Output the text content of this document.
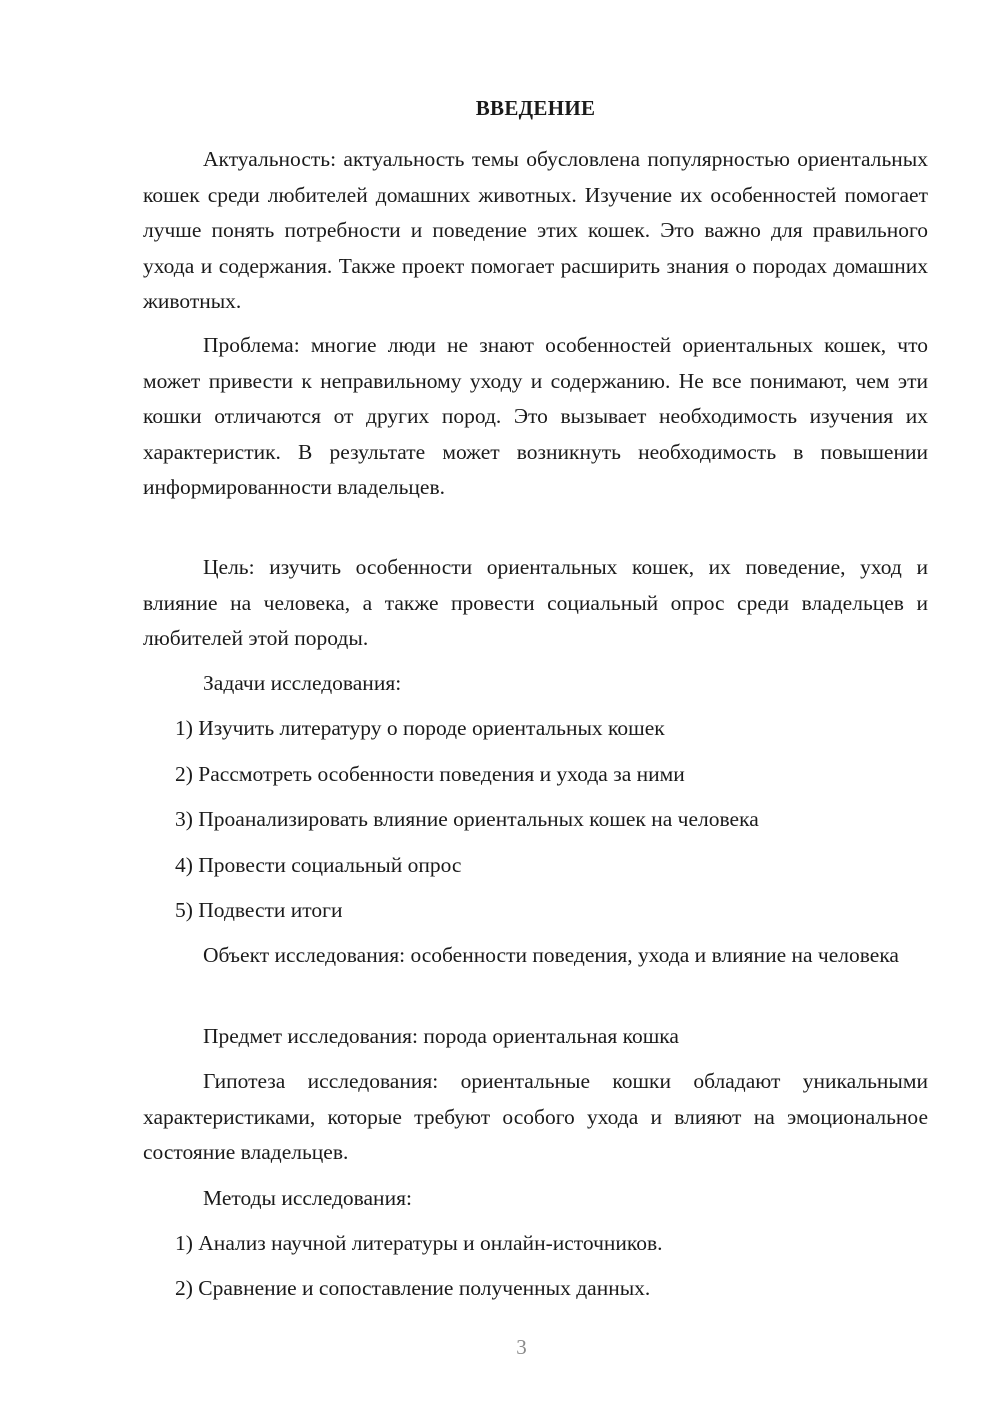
ВВЕДЕНИЕ

Актуальность: актуальность темы обусловлена популярностью ориентальных кошек среди любителей домашних животных. Изучение их особенностей помогает лучше понять потребности и поведение этих кошек. Это важно для правильного ухода и содержания. Также проект помогает расширить знания о породах домашних животных.

Проблема: многие люди не знают особенностей ориентальных кошек, что может привести к неправильному уходу и содержанию. Не все понимают, чем эти кошки отличаются от других пород. Это вызывает необходимость изучения их характеристик. В результате может возникнуть необходимость в повышении информированности владельцев.

Цель: изучить особенности ориентальных кошек, их поведение, уход и влияние на человека, а также провести социальный опрос среди владельцев и любителей этой породы.

Задачи исследования:
1) Изучить литературу о породе ориентальных кошек
2) Рассмотреть особенности поведения и ухода за ними
3) Проанализировать влияние ориентальных кошек на человека
4) Провести социальный опрос
5) Подвести итоги

Объект исследования: особенности поведения, ухода и влияние на человека

Предмет исследования: порода ориентальная кошка

Гипотеза исследования: ориентальные кошки обладают уникальными характеристиками, которые требуют особого ухода и влияют на эмоциональное состояние владельцев.

Методы исследования:
1) Анализ научной литературы и онлайн-источников.
2) Сравнение и сопоставление полученных данных.
3
